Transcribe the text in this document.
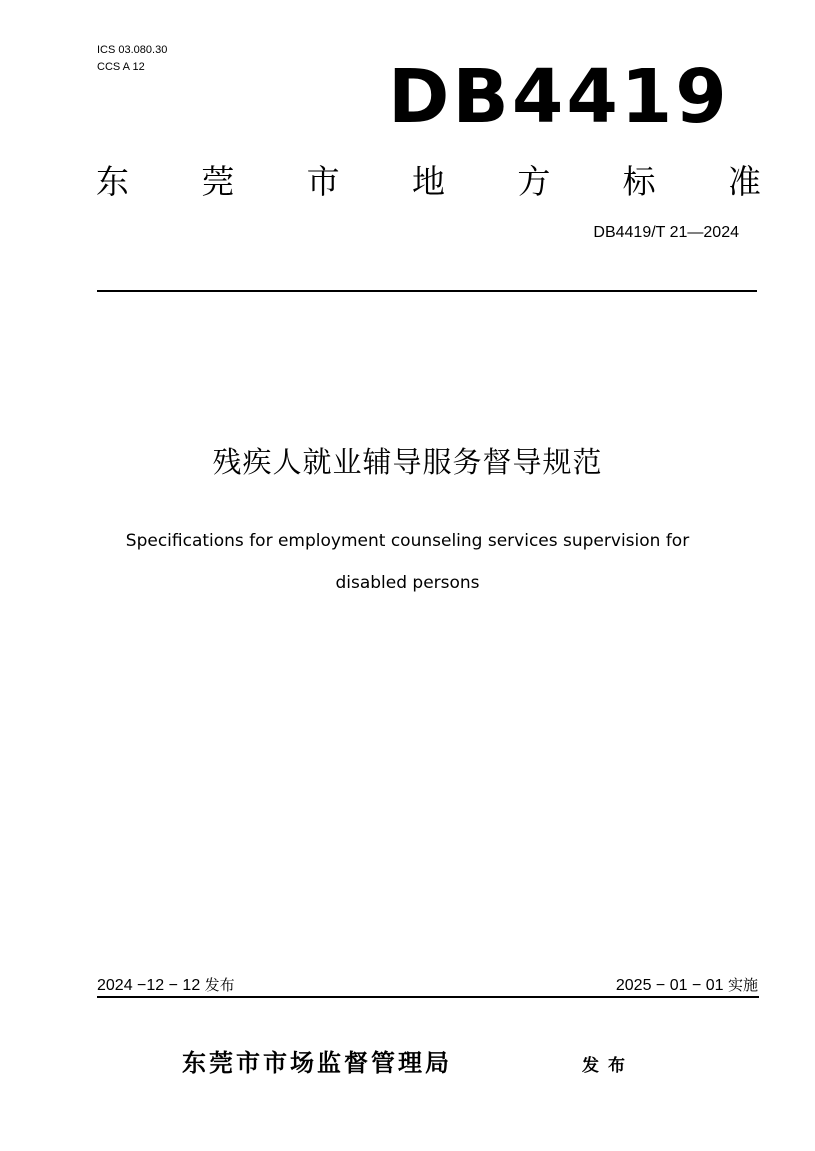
ICS 03.080.30
CCS A 12	DB4419
东 莞 市 地 方 标 准
DB4419/T 21—2024
残疾人就业辅导服务督导规范
Specifications for employment counseling services supervision for
disabled persons
2024 −12 − 12 发布	2025 − 01 − 01 实施
东莞市市场监督管理局	发布
